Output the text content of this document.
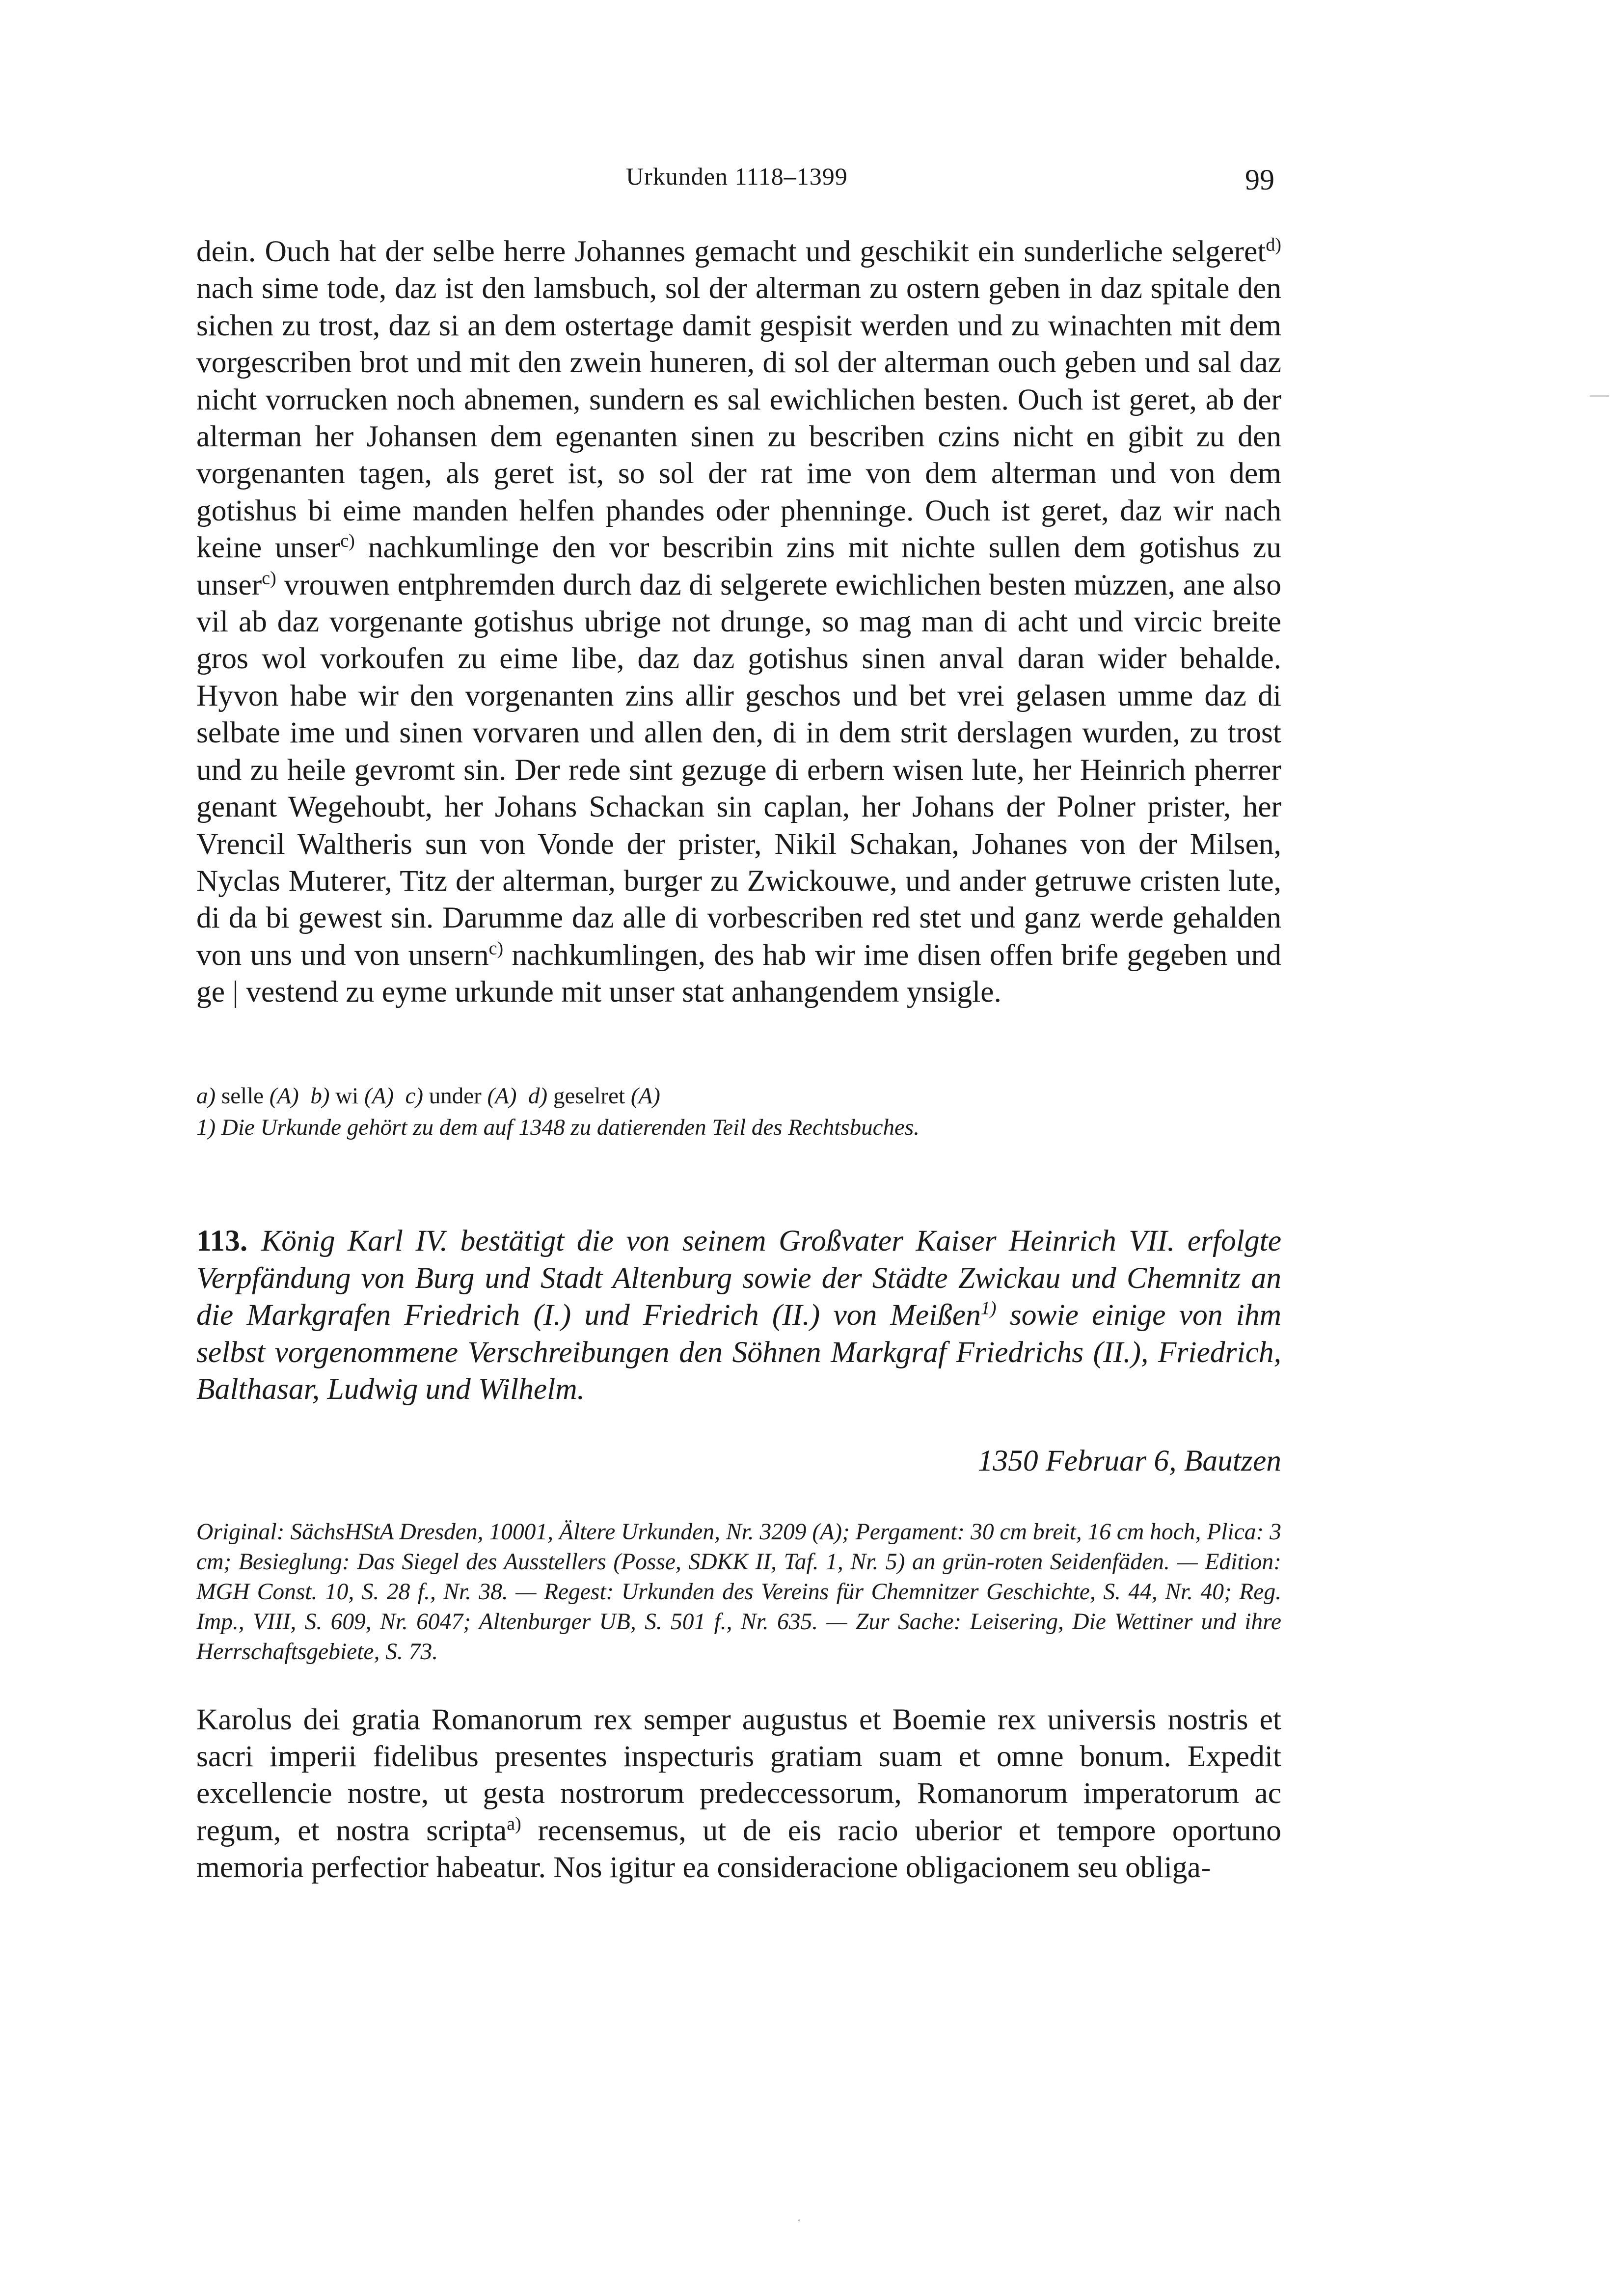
Urkunden 1118–1399	99

dein. Ouch hat der selbe herre Johannes gemacht und geschikit ein sunderliche selgeret$^{d)}$ nach sime tode, daz ist den lamsbuch, sol der alterman zu ostern geben in daz spitale den sichen zu trost, daz si an dem ostertage damit gespisit werden und zu winachten mit dem vorgescriben brot und mit den zwein huneren, di sol der alterman ouch geben und sal daz nicht vorrucken noch abnemen, sundern es sal ewichlichen besten. Ouch ist geret, ab der alterman her Johansen dem egenanten sinen zu bescriben czins nicht en gibit zu den vorgenanten tagen, als geret ist, so sol der rat ime von dem alterman und von dem gotishus bi eime manden helfen phandes oder phenninge. Ouch ist geret, daz wir nach keine unser$^{c)}$ nachkumlinge den vor bescribin zins mit nichte sullen dem gotishus zu unser$^{c)}$ vrouwen entphremden durch daz di selgerete ewichlichen besten mu̇zzen, ane also vil ab daz vorgenante gotishus ubrige not drunge, so mag man di acht und vircic breite gros wol vorkoufen zu eime libe, daz daz gotishus sinen anval daran wider behalde. Hyvon habe wir den vorgenanten zins allir geschos und bet vrei gelasen umme daz di selbate ime und sinen vorvaren und allen den, di in dem strit derslagen wurden, zu trost und zu heile gevromt sin. Der rede sint gezuge di erbern wisen lute, her Heinrich pherrer genant Wegehoubt, her Johans Schackan sin caplan, her Johans der Polner prister, her Vrencil Waltheris sun von Vonde der prister, Nikil Schakan, Johanes von der Milsen, Nyclas Muterer, Titz der alterman, burger zu Zwickouwe, und ander getruwe cristen lute, di da bi gewest sin. Darumme daz alle di vorbescriben red stet und ganz werde gehalden von uns und von unsern$^{c)}$ nachkumlingen, des hab wir ime disen offen brife gegeben und ge | vestend zu eyme urkunde mit unser stat anhangendem ynsigle.

a) selle (A) b) wi (A) c) under (A) d) geselret (A)

1) Die Urkunde gehört zu dem auf 1348 zu datierenden Teil des Rechtsbuches.

113. König Karl IV. bestätigt die von seinem Großvater Kaiser Heinrich VII. erfolgte Verpfändung von Burg und Stadt Altenburg sowie der Städte Zwickau und Chemnitz an die Markgrafen Friedrich (I.) und Friedrich (II.) von Meißen$^{1)}$ sowie einige von ihm selbst vorgenommene Verschreibungen den Söhnen Markgraf Friedrichs (II.), Friedrich, Balthasar, Ludwig und Wilhelm.

1350 Februar 6, Bautzen

Original: SächsHStA Dresden, 10001, Ältere Urkunden, Nr. 3209 (A); Pergament: 30 cm breit, 16 cm hoch, Plica: 3 cm; Besieglung: Das Siegel des Ausstellers (Posse, SDKK II, Taf. 1, Nr. 5) an grün-roten Seidenfäden. — Edition: MGH Const. 10, S. 28 f., Nr. 38. — Regest: Urkunden des Vereins für Chemnitzer Geschichte, S. 44, Nr. 40; Reg. Imp., VIII, S. 609, Nr. 6047; Altenburger UB, S. 501 f., Nr. 635. — Zur Sache: Leisering, Die Wettiner und ihre Herrschaftsgebiete, S. 73.

Karolus dei gratia Romanorum rex semper augustus et Boemie rex universis nostris et sacri imperii fidelibus presentes inspecturis gratiam suam et omne bonum. Expedit excellencie nostre, ut gesta nostrorum predeccessorum, Romanorum imperatorum ac regum, et nostra scripta$^{a)}$ recensemus, ut de eis racio uberior et tempore oportuno memoria perfectior habeatur. Nos igitur ea consideracione obligacionem seu obliga-
